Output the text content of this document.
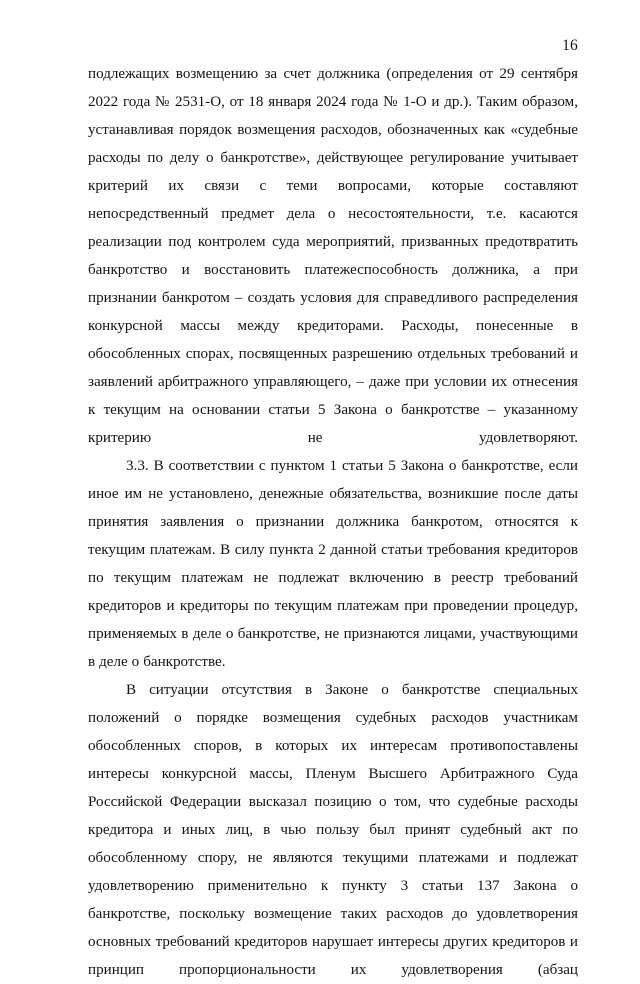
16

подлежащих возмещению за счет должника (определения от 29 сентября 2022 года № 2531-О, от 18 января 2024 года № 1-О и др.). Таким образом, устанавливая порядок возмещения расходов, обозначенных как «судебные расходы по делу о банкротстве», действующее регулирование учитывает критерий их связи с теми вопросами, которые составляют непосредственный предмет дела о несостоятельности, т.е. касаются реализации под контролем суда мероприятий, призванных предотвратить банкротство и восстановить платежеспособность должника, а при признании банкротом – создать условия для справедливого распределения конкурсной массы между кредиторами. Расходы, понесенные в обособленных спорах, посвященных разрешению отдельных требований и заявлений арбитражного управляющего, – даже при условии их отнесения к текущим на основании статьи 5 Закона о банкротстве – указанному критерию не удовлетворяют.

3.3. В соответствии с пунктом 1 статьи 5 Закона о банкротстве, если иное им не установлено, денежные обязательства, возникшие после даты принятия заявления о признании должника банкротом, относятся к текущим платежам. В силу пункта 2 данной статьи требования кредиторов по текущим платежам не подлежат включению в реестр требований кредиторов и кредиторы по текущим платежам при проведении процедур, применяемых в деле о банкротстве, не признаются лицами, участвующими в деле о банкротстве.

В ситуации отсутствия в Законе о банкротстве специальных положений о порядке возмещения судебных расходов участникам обособленных споров, в которых их интересам противопоставлены интересы конкурсной массы, Пленум Высшего Арбитражного Суда Российской Федерации высказал позицию о том, что судебные расходы кредитора и иных лиц, в чью пользу был принят судебный акт по обособленному спору, не являются текущими платежами и подлежат удовлетворению применительно к пункту 3 статьи 137 Закона о банкротстве, поскольку возмещение таких расходов до удовлетворения основных требований кредиторов нарушает интересы других кредиторов и принцип пропорциональности их удовлетворения (абзац
